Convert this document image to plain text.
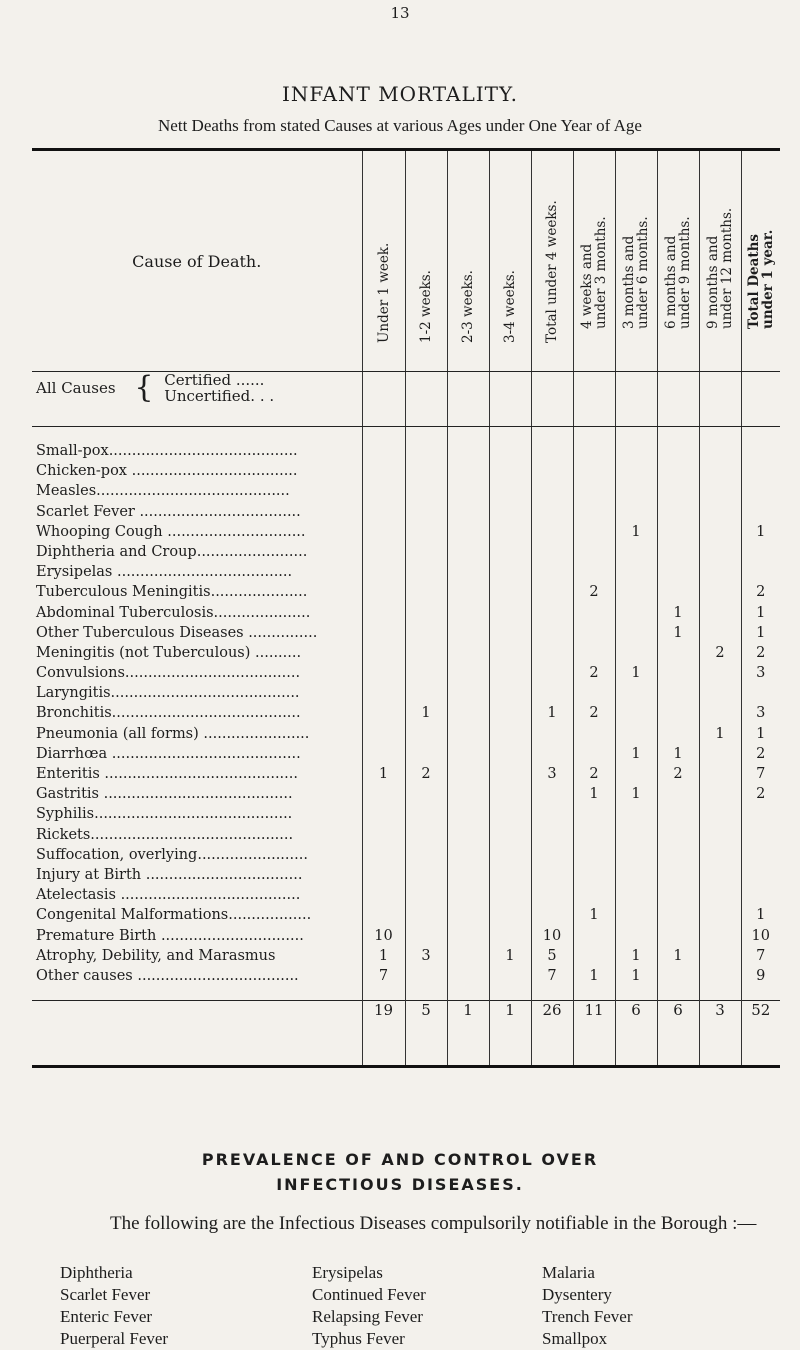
13
INFANT MORTALITY.
Nett Deaths from stated Causes at various Ages under One Year of Age
Cause of Death.	Under 1 week.	1-2 weeks.	2-3 weeks.	3-4 weeks.	Total under 4 weeks.	4 weeks and
under 3 months.	3 months and
under 6 months.	6 months and
under 9 months.	9 months and
under 12 months.	Total Deaths
under 1 year.

All Causes { Certified ......
Uncertified. . .										

Small-pox.........................................										
Chicken-pox ....................................										
Measles..........................................										
Scarlet Fever ...................................										
Whooping Cough ..............................							1			1
Diphtheria and Croup........................										
Erysipelas ......................................										
Tuberculous Meningitis.....................						2				2
Abdominal Tuberculosis.....................								1		1
Other Tuberculous Diseases ...............								1		1
Meningitis (not Tuberculous) ..........									2	2
Convulsions......................................						2	1			3
Laryngitis.........................................										
Bronchitis.........................................		1			1	2				3
Pneumonia (all forms) .......................									1	1
Diarrhœa .........................................							1	1		2
Enteritis ..........................................	1	2			3	2		2		7
Gastritis .........................................						1	1			2
Syphilis...........................................										
Rickets............................................										
Suffocation, overlying........................										
Injury at Birth ..................................										
Atelectasis .......................................										
Congenital Malformations..................						1				1
Premature Birth ...............................	10				10					10
Atrophy, Debility, and Marasmus	1	3		1	5		1	1		7
Other causes ...................................	7				7	1	1			9

	19	5	1	1	26	11	6	6	3	52
PREVALENCE OF AND CONTROL OVER
INFECTIOUS DISEASES.
The following are the Infectious Diseases compulsorily notifiable in the Borough :—
Diphtheria
Scarlet Fever
Enteric Fever
Puerperal Fever
Erysipelas
Continued Fever
Relapsing Fever
Typhus Fever
Malaria
Dysentery
Trench Fever
Smallpox
